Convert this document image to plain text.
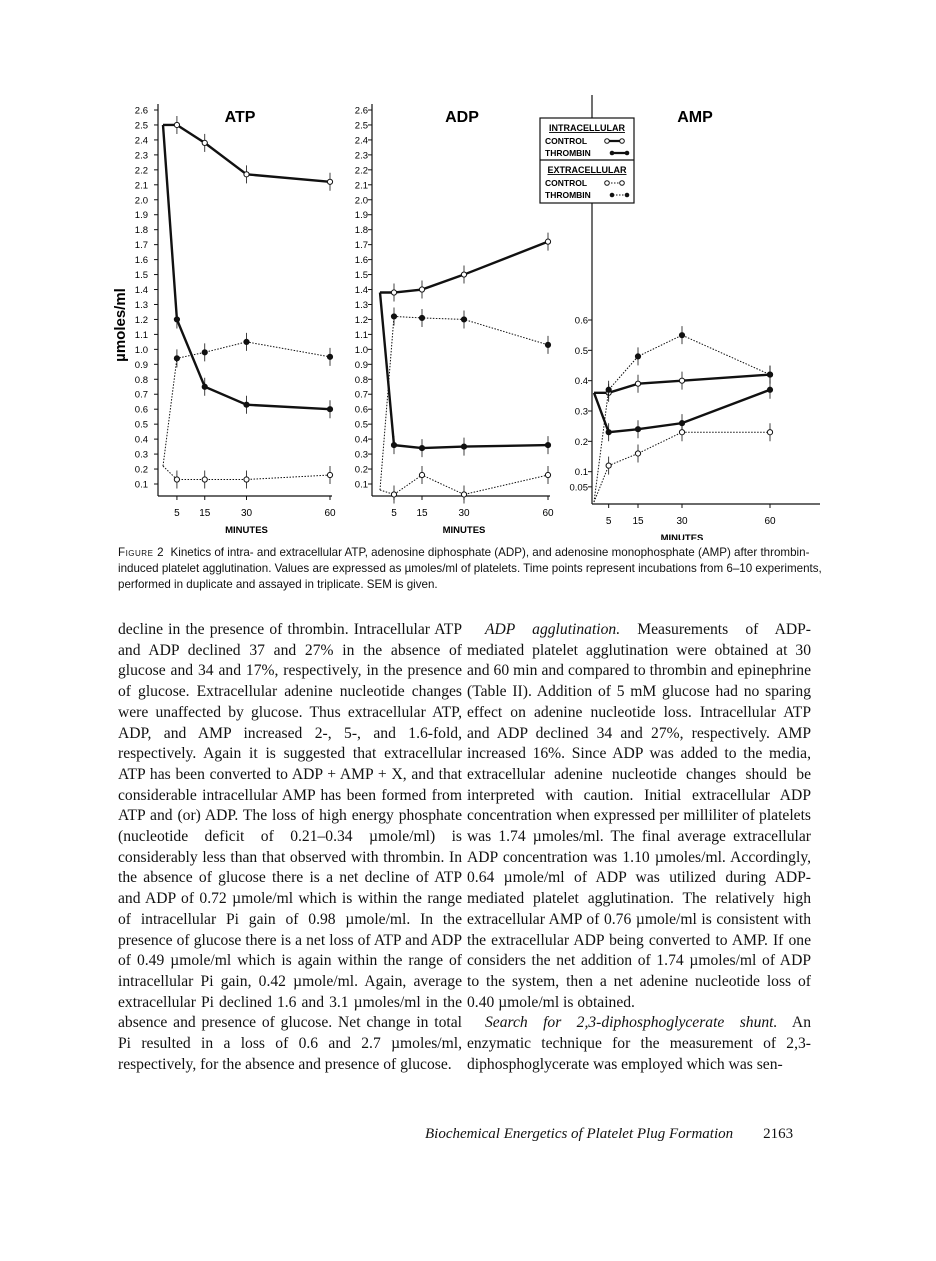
ATP
0.1
0.2
0.3
0.4
0.5
0.6
0.7
0.8
0.9
1.0
1.1
1.2
1.3
1.4
1.5
1.6
1.7
1.8
1.9
2.0
2.1
2.2
2.3
2.4
2.5
2.6
5 15	30	60
MINUTES
ADP
0.1
0.2
0.3
0.4
0.5
0.6
0.7
0.8
0.9
1.0
1.1
1.2
1.3
1.4
1.5
1.6
1.7
1.8
1.9
2.0
2.1
2.2
2.3
2.4
2.5
2.6
5 15	30	60
MINUTES
AMP
0.05
0.1
0.2
0.3
0.4
0.5
0.6
5 15	30	60
MINUTES
µmoles/ml
INTRACELLULAR
CONTROL
THROMBIN
EXTRACELLULAR
CONTROL
THROMBIN
Figure 2 Kinetics of intra- and extracellular ATP, adenosine diphosphate (ADP), and adenosine monophosphate (AMP) after thrombin-induced platelet agglutination. Values are expressed as µmoles/ml of platelets. Time points represent incubations from 6–10 experiments, performed in duplicate and assayed in triplicate. SEM is given.

decline in the presence of thrombin. Intracellular ATP and ADP declined 37 and 27% in the absence of glucose and 34 and 17%, respectively, in the presence of glucose. Extracellular adenine nucleotide changes were unaffected by glucose. Thus extracellular ATP, ADP, and AMP increased 2-, 5-, and 1.6-fold, respectively. Again it is suggested that extracellular ATP has been converted to ADP + AMP + X, and that considerable intracellular AMP has been formed from ATP and (or) ADP. The loss of high energy phosphate (nucleotide deficit of 0.21–0.34 µmole/ml) is considerably less than that observed with thrombin. In the absence of glucose there is a net decline of ATP and ADP of 0.72 µmole/ml which is within the range of intracellular Pi gain of 0.98 µmole/ml. In the presence of glucose there is a net loss of ATP and ADP of 0.49 µmole/ml which is again within the range of intracellular Pi gain, 0.42 µmole/ml. Again, average extracellular Pi declined 1.6 and 3.1 µmoles/ml in the absence and presence of glucose. Net change in total Pi resulted in a loss of 0.6 and 2.7 µmoles/ml, respectively, for the absence and presence of glucose.

ADP agglutination. Measurements of ADP-mediated platelet agglutination were obtained at 30 and 60 min and compared to thrombin and epinephrine (Table II). Addition of 5 mM glucose had no sparing effect on adenine nucleotide loss. Intracellular ATP and ADP declined 34 and 27%, respectively. AMP increased 16%. Since ADP was added to the media, extracellular adenine nucleotide changes should be interpreted with caution. Initial extracellular ADP concentration when expressed per milliliter of platelets was 1.74 µmoles/ml. The final average extracellular ADP concentration was 1.10 µmoles/ml. Accordingly, 0.64 µmole/ml of ADP was utilized during ADP-mediated platelet agglutination. The relatively high extracellular AMP of 0.76 µmole/ml is consistent with the extracellular ADP being converted to AMP. If one considers the net addition of 1.74 µmoles/ml of ADP to the system, then a net adenine nucleotide loss of 0.40 µmole/ml is obtained.

Search for 2,3-diphosphoglycerate shunt. An enzymatic technique for the measurement of 2,3-diphosphoglycerate was employed which was sen-

Biochemical Energetics of Platelet Plug Formation 2163
